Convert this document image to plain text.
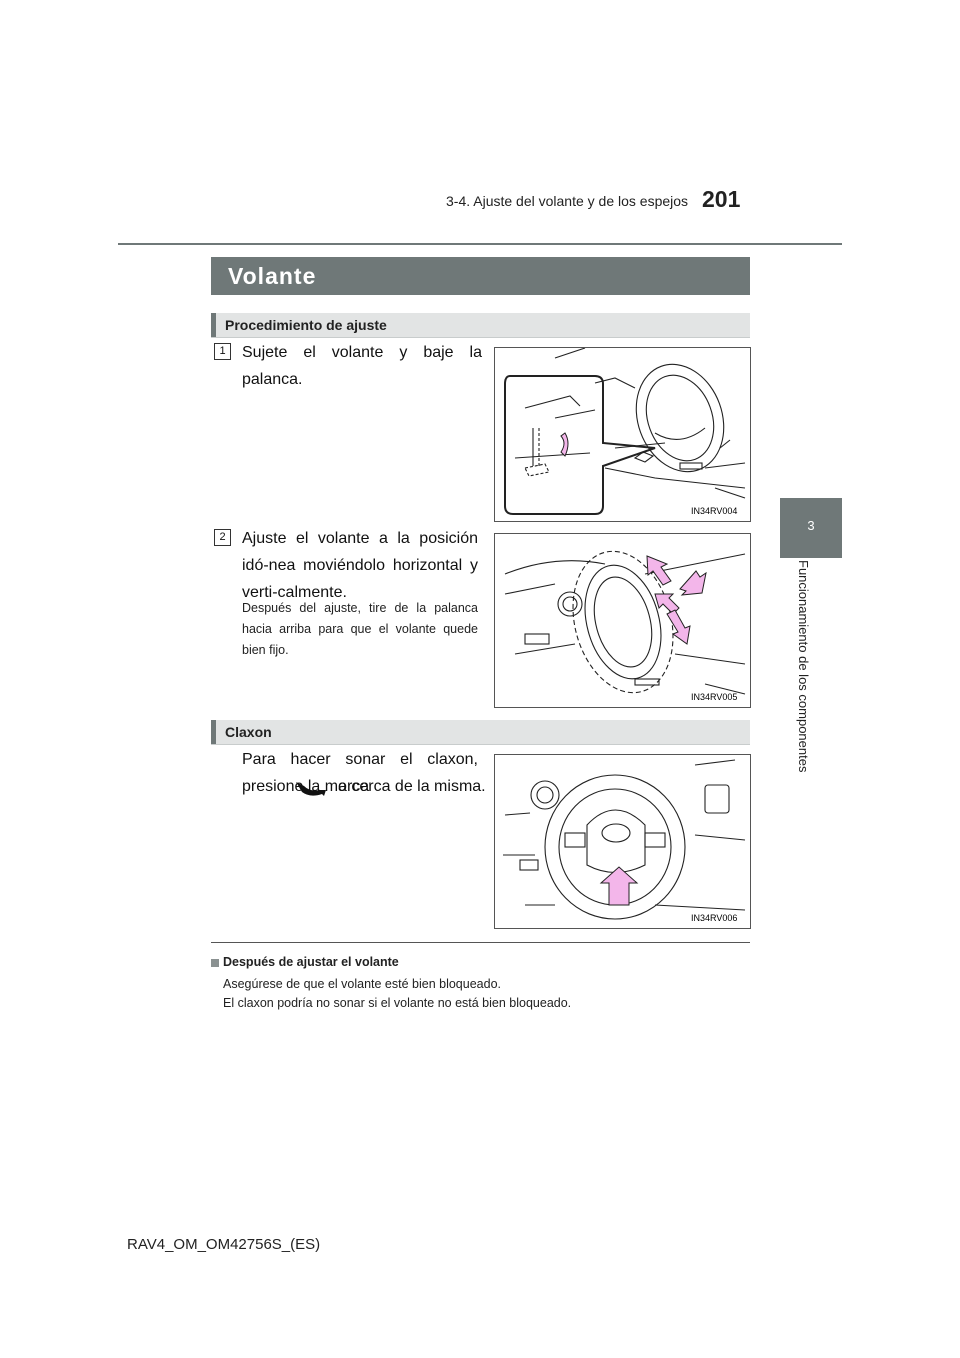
3-4. Ajuste del volante y de los espejos 201
3
Funcionamiento de los componentes
Volante
Procedimiento de ajuste
1	Sujete el volante y baje la palanca.
IN34RV004
2	Ajuste el volante a la posición idó-nea moviéndolo horizontal y verti-calmente.
Después del ajuste, tire de la palanca hacia arriba para que el volante quede bien fijo.
IN34RV005
Claxon
Para hacer sonar el claxon, presione la marca
o cerca de la misma.
IN34RV006
Después de ajustar el volante
Asegúrese de que el volante esté bien bloqueado.
El claxon podría no sonar si el volante no está bien bloqueado.
RAV4_OM_OM42756S_(ES)
